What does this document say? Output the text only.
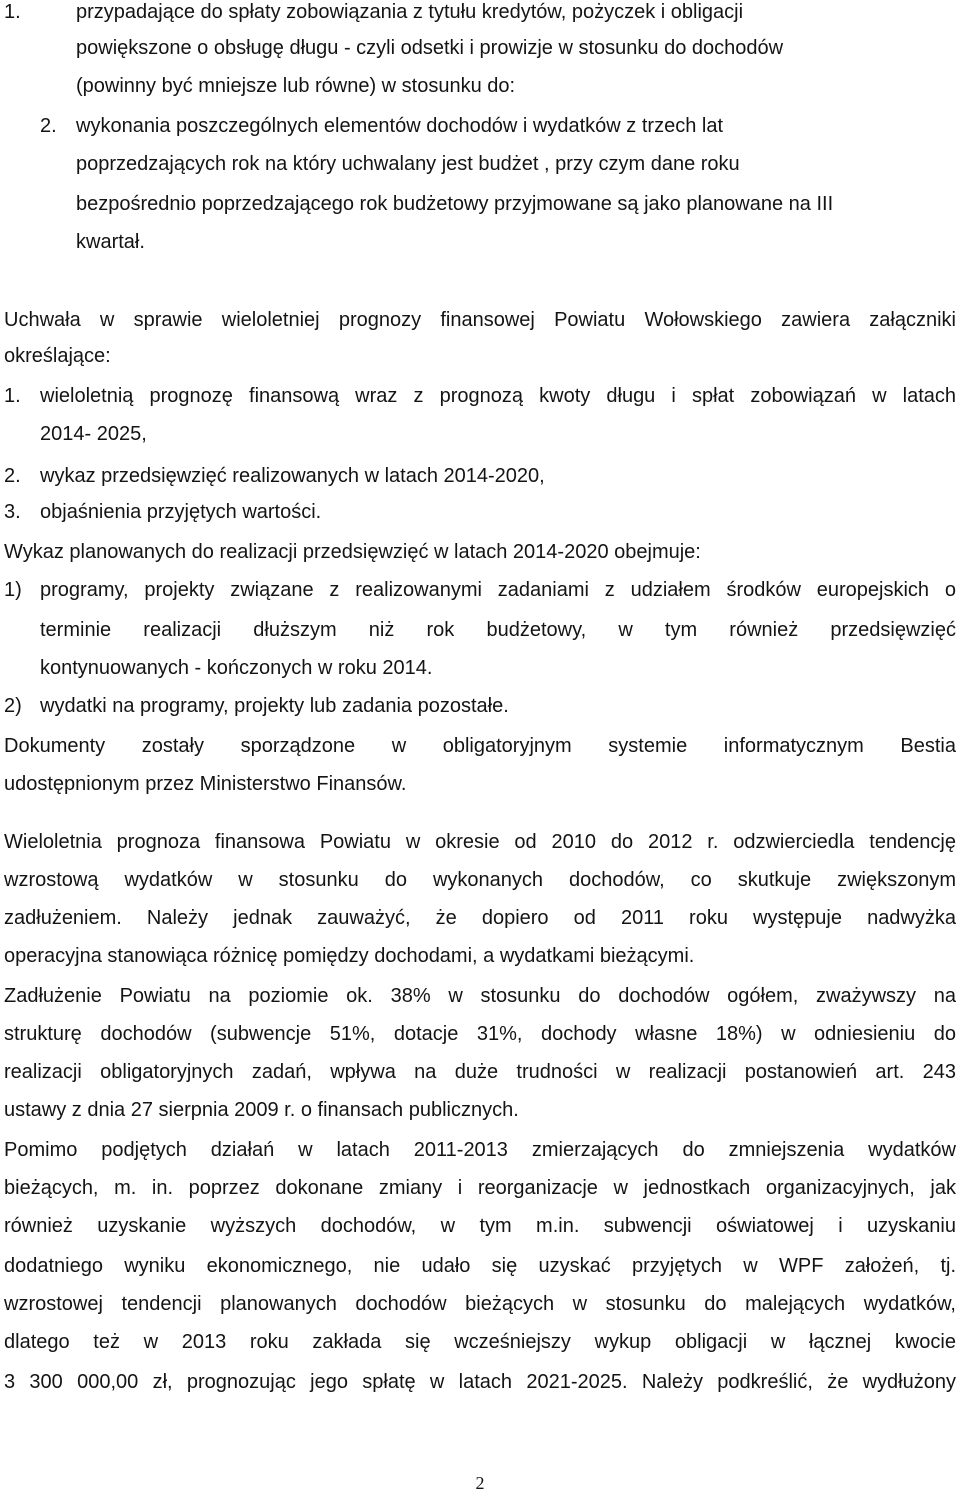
1.	przypadające do spłaty zobowiązania z tytułu kredytów, pożyczek i obligacji
powiększone o obsługę długu - czyli odsetki i prowizje w stosunku do dochodów
(powinny być mniejsze lub równe) w stosunku do:
2. wykonania poszczególnych elementów dochodów i wydatków z trzech lat
poprzedzających rok na który uchwalany jest budżet , przy czym dane roku
bezpośrednio poprzedzającego rok budżetowy przyjmowane są jako planowane na III
kwartał.
Uchwała w sprawie wieloletniej prognozy finansowej Powiatu Wołowskiego zawiera załączniki
określające:
1. wieloletnią prognozę finansową wraz z prognozą kwoty długu i spłat zobowiązań w latach
2014- 2025,
2. wykaz przedsięwzięć realizowanych w latach 2014-2020,
3. objaśnienia przyjętych wartości.
Wykaz planowanych do realizacji przedsięwzięć w latach 2014-2020 obejmuje:
1) programy, projekty związane z realizowanymi zadaniami z udziałem środków europejskich o
terminie realizacji dłuższym niż rok budżetowy, w tym również przedsięwzięć
kontynuowanych - kończonych w roku 2014.
2) wydatki na programy, projekty lub zadania pozostałe.
Dokumenty zostały sporządzone w obligatoryjnym systemie informatycznym Bestia
udostępnionym przez Ministerstwo Finansów.
Wieloletnia prognoza finansowa Powiatu w okresie od 2010 do 2012 r. odzwierciedla tendencję
wzrostową wydatków w stosunku do wykonanych dochodów, co skutkuje zwiększonym
zadłużeniem. Należy jednak zauważyć, że dopiero od 2011 roku występuje nadwyżka
operacyjna stanowiąca różnicę pomiędzy dochodami, a wydatkami bieżącymi.
Zadłużenie Powiatu na poziomie ok. 38% w stosunku do dochodów ogółem, zważywszy na
strukturę dochodów (subwencje 51%, dotacje 31%, dochody własne 18%) w odniesieniu do
realizacji obligatoryjnych zadań, wpływa na duże trudności w realizacji postanowień art. 243
ustawy z dnia 27 sierpnia 2009 r. o finansach publicznych.
Pomimo podjętych działań w latach 2011-2013 zmierzających do zmniejszenia wydatków
bieżących, m. in. poprzez dokonane zmiany i reorganizacje w jednostkach organizacyjnych, jak
również uzyskanie wyższych dochodów, w tym m.in. subwencji oświatowej i uzyskaniu
dodatniego wyniku ekonomicznego, nie udało się uzyskać przyjętych w WPF założeń, tj.
wzrostowej tendencji planowanych dochodów bieżących w stosunku do malejących wydatków,
dlatego też w 2013 roku zakłada się wcześniejszy wykup obligacji w łącznej kwocie
3 300 000,00 zł, prognozując jego spłatę w latach 2021-2025. Należy podkreślić, że wydłużony
2
